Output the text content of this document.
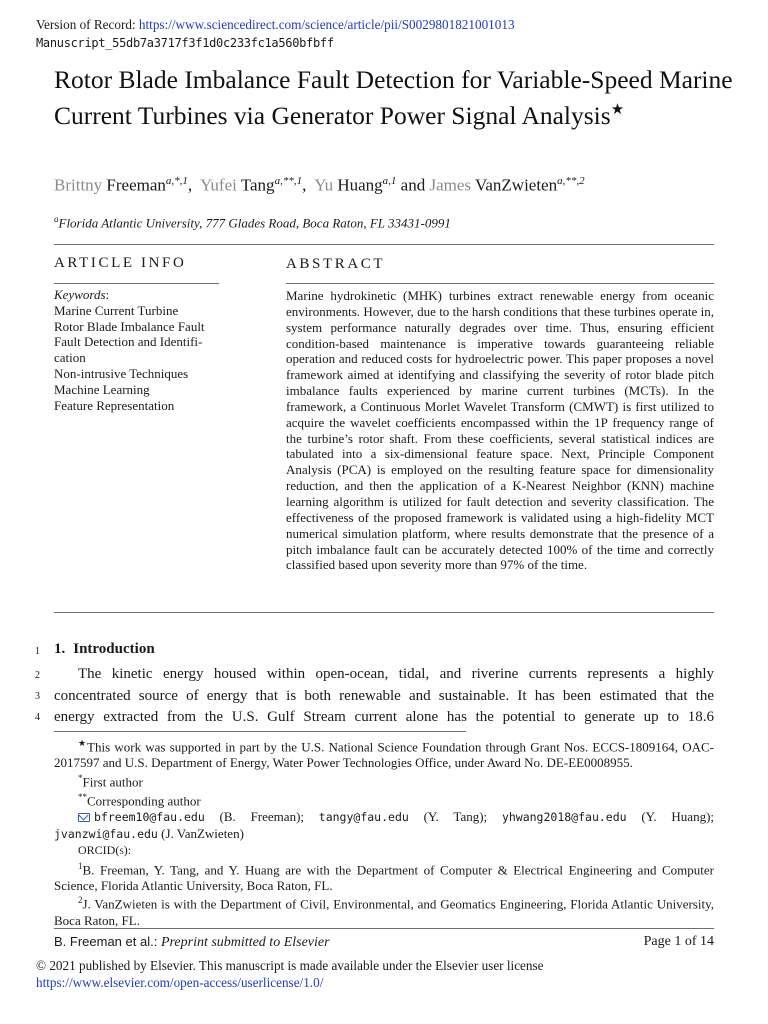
Version of Record: https://www.sciencedirect.com/science/article/pii/S0029801821001013
Manuscript_55db7a3717f3f1d0c233fc1a560bfbff
Rotor Blade Imbalance Fault Detection for Variable-Speed Marine Current Turbines via Generator Power Signal Analysis★
Brittny Freeman$^{a,*,1}$, Yufei Tang$^{a,**,1}$, Yu Huang$^{a,1}$ and James VanZwieten$^{a,**,2}$
$^a$Florida Atlantic University, 777 Glades Road, Boca Raton, FL 33431-0991
ARTICLE INFO
Keywords:
Marine Current Turbine
Rotor Blade Imbalance Fault
Fault Detection and Identifi-
cation
Non-intrusive Techniques
Machine Learning
Feature Representation
ABSTRACT
Marine hydrokinetic (MHK) turbines extract renewable energy from oceanic environments. However, due to the harsh conditions that these turbines operate in, system performance naturally degrades over time. Thus, ensuring efficient condition-based maintenance is imperative towards guaranteeing reliable operation and reduced costs for hydroelectric power. This paper proposes a novel framework aimed at identifying and classifying the severity of rotor blade pitch imbalance faults experienced by marine current turbines (MCTs). In the framework, a Continuous Morlet Wavelet Transform (CMWT) is first utilized to acquire the wavelet coefficients encompassed within the 1P frequency range of the turbine’s rotor shaft. From these coefficients, several statistical indices are tabulated into a six-dimensional feature space. Next, Principle Component Analysis (PCA) is employed on the resulting feature space for dimensionality reduction, and then the application of a K-Nearest Neighbor (KNN) machine learning algorithm is utilized for fault detection and severity classification. The effectiveness of the proposed framework is validated using a high-fidelity MCT numerical simulation platform, where results demonstrate that the presence of a pitch imbalance fault can be accurately detected 100% of the time and correctly classified based upon severity more than 97% of the time.
1
2
3
4
1. Introduction
The kinetic energy housed within open-ocean, tidal, and riverine currents represents a highly
concentrated source of energy that is both renewable and sustainable. It has been estimated that the
energy extracted from the U.S. Gulf Stream current alone has the potential to generate up to 18.6
★This work was supported in part by the U.S. National Science Foundation through Grant Nos. ECCS-1809164, OAC-2017597 and U.S. Department of Energy, Water Power Technologies Office, under Award No. DE-EE0008955.
*First author
**Corresponding author
bfreem10@fau.edu (B. Freeman); tangy@fau.edu (Y. Tang); yhwang2018@fau.edu (Y. Huang); jvanzwi@fau.edu (J. VanZwieten)
ORCID(s):
$^1$B. Freeman, Y. Tang, and Y. Huang are with the Department of Computer & Electrical Engineering and Computer Science, Florida Atlantic University, Boca Raton, FL.
$^2$J. VanZwieten is with the Department of Civil, Environmental, and Geomatics Engineering, Florida Atlantic University, Boca Raton, FL.
B. Freeman et al.: Preprint submitted to Elsevier	Page 1 of 14
© 2021 published by Elsevier. This manuscript is made available under the Elsevier user license
https://www.elsevier.com/open-access/userlicense/1.0/
